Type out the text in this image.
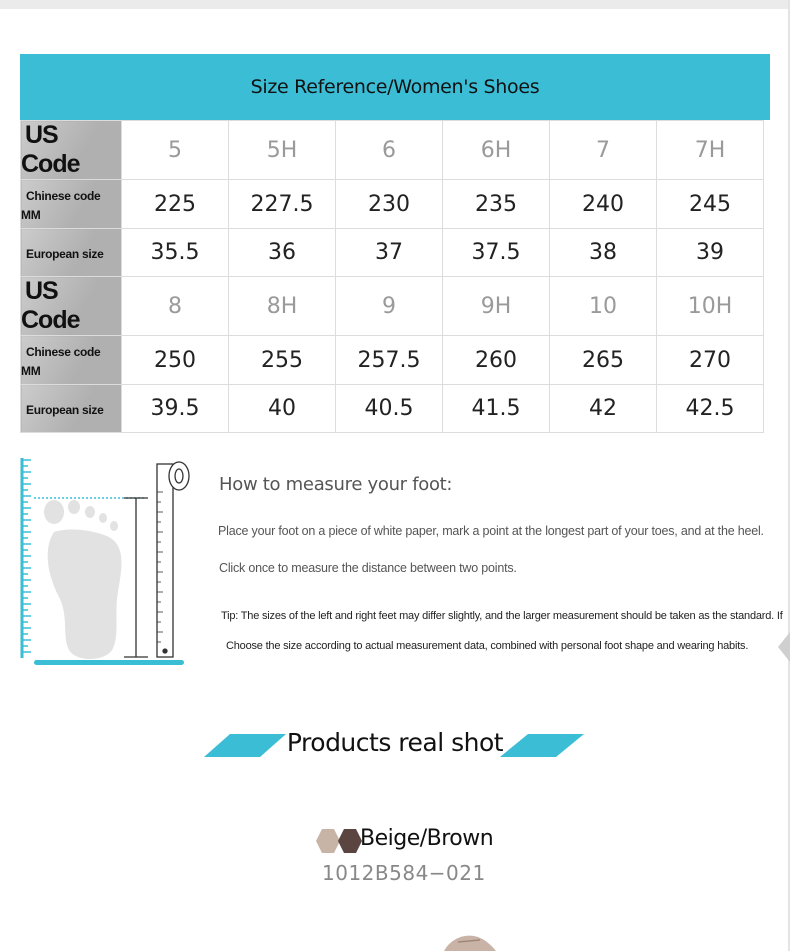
Size Reference/Women's Shoes
US Code	5	5H	6	6H	7	7H
Chinese code MM	225	227.5	230	235	240	245
European size	35.5	36	37	37.5	38	39
US Code	8	8H	9	9H	10	10H
Chinese code MM	250	255	257.5	260	265	270
European size	39.5	40	40.5	41.5	42	42.5
How to measure your foot:
Place your foot on a piece of white paper, mark a point at the longest part of your toes, and at the heel.
Click once to measure the distance between two points.
Tip: The sizes of the left and right feet may differ slightly, and the larger measurement should be taken as the standard. If
Choose the size according to actual measurement data, combined with personal foot shape and wearing habits.
Products real shot
Beige/Brown
1012B584−021
